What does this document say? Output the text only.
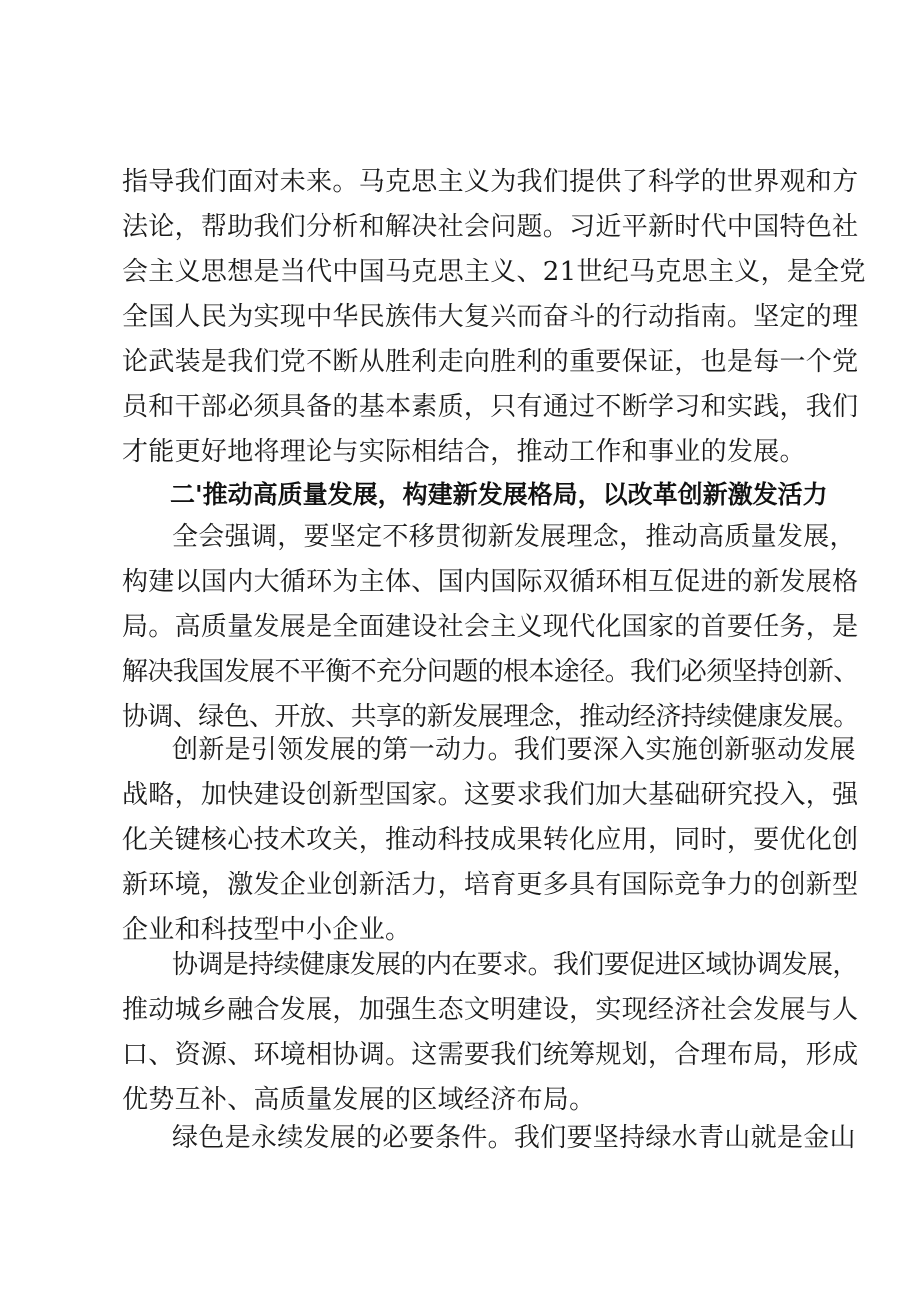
指导我们面对未来。马克思主义为我们提供了科学的世界观和方
法论，帮助我们分析和解决社会问题。习近平新时代中国特色社
会主义思想是当代中国马克思主义、21世纪马克思主义，是全党
全国人民为实现中华民族伟大复兴而奋斗的行动指南。坚定的理
论武装是我们党不断从胜利走向胜利的重要保证，也是每一个党
员和干部必须具备的基本素质，只有通过不断学习和实践，我们
才能更好地将理论与实际相结合，推动工作和事业的发展。
二'推动高质量发展，构建新发展格局，以改革创新激发活力
全会强调，要坚定不移贯彻新发展理念，推动高质量发展，
构建以国内大循环为主体、国内国际双循环相互促进的新发展格
局。高质量发展是全面建设社会主义现代化国家的首要任务，是
解决我国发展不平衡不充分问题的根本途径。我们必须坚持创新、
协调、绿色、开放、共享的新发展理念，推动经济持续健康发展。
创新是引领发展的第一动力。我们要深入实施创新驱动发展
战略，加快建设创新型国家。这要求我们加大基础研究投入，强
化关键核心技术攻关，推动科技成果转化应用，同时，要优化创
新环境，激发企业创新活力，培育更多具有国际竞争力的创新型
企业和科技型中小企业。
协调是持续健康发展的内在要求。我们要促进区域协调发展，
推动城乡融合发展，加强生态文明建设，实现经济社会发展与人
口、资源、环境相协调。这需要我们统筹规划，合理布局，形成
优势互补、高质量发展的区域经济布局。
绿色是永续发展的必要条件。我们要坚持绿水青山就是金山
